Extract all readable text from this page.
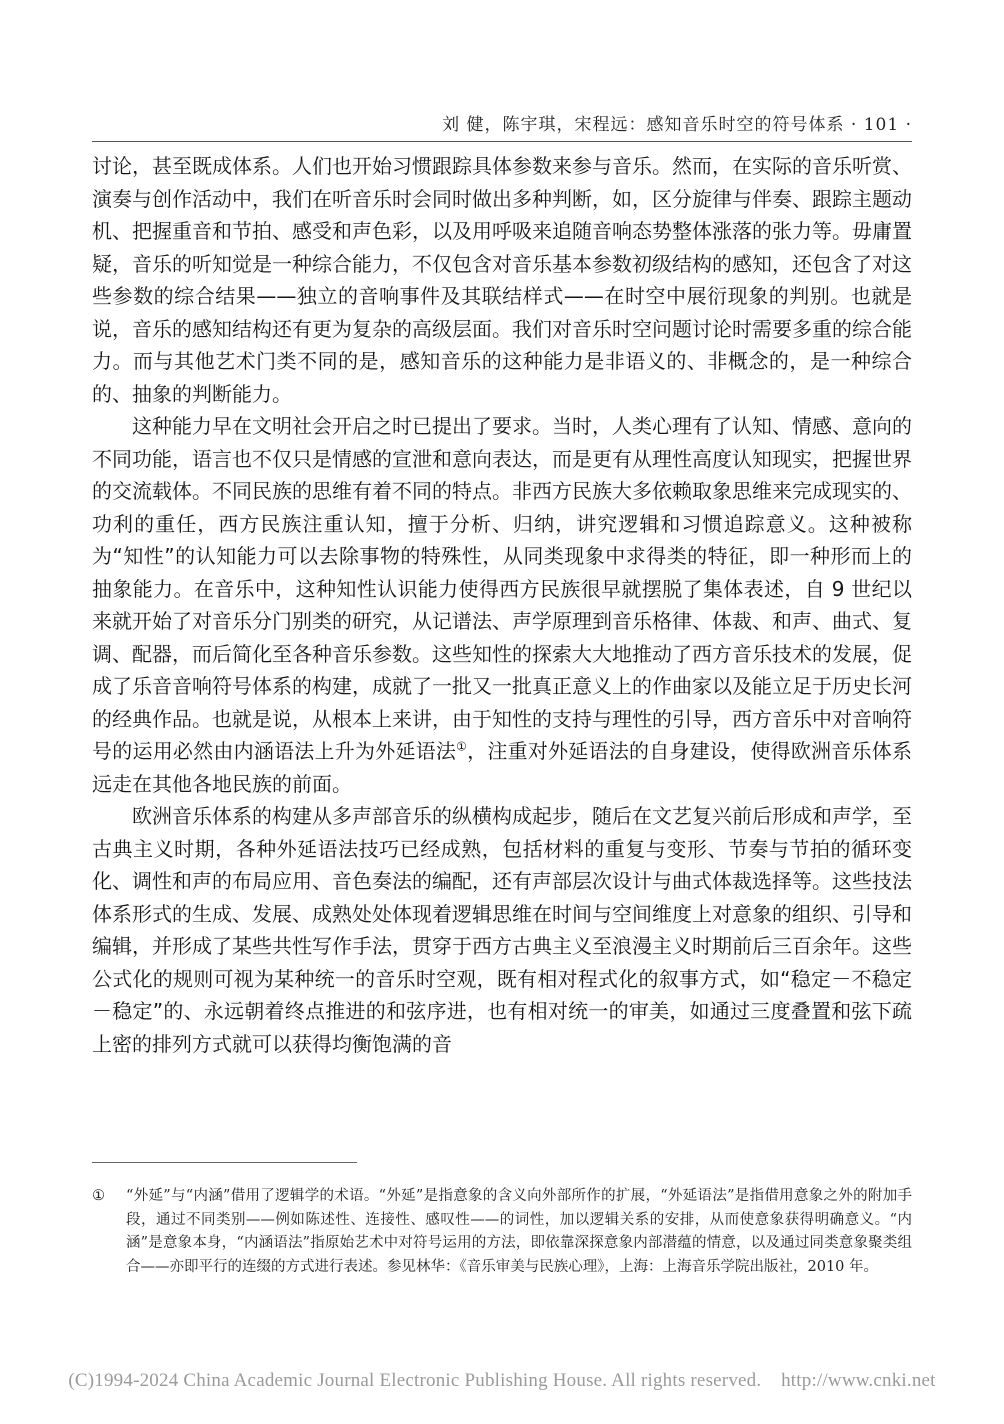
刘 健，陈宇琪，宋程远：感知音乐时空的符号体系 · 101 ·

讨论，甚至既成体系。人们也开始习惯跟踪具体参数来参与音乐。然而，在实际的音乐听赏、演奏与创作活动中，我们在听音乐时会同时做出多种判断，如，区分旋律与伴奏、跟踪主题动机、把握重音和节拍、感受和声色彩，以及用呼吸来追随音响态势整体涨落的张力等。毋庸置疑，音乐的听知觉是一种综合能力，不仅包含对音乐基本参数初级结构的感知，还包含了对这些参数的综合结果——独立的音响事件及其联结样式——在时空中展衍现象的判别。也就是说，音乐的感知结构还有更为复杂的高级层面。我们对音乐时空问题讨论时需要多重的综合能力。而与其他艺术门类不同的是，感知音乐的这种能力是非语义的、非概念的，是一种综合的、抽象的判断能力。

这种能力早在文明社会开启之时已提出了要求。当时，人类心理有了认知、情感、意向的不同功能，语言也不仅只是情感的宣泄和意向表达，而是更有从理性高度认知现实，把握世界的交流载体。不同民族的思维有着不同的特点。非西方民族大多依赖取象思维来完成现实的、功利的重任，西方民族注重认知，擅于分析、归纳，讲究逻辑和习惯追踪意义。这种被称为“知性”的认知能力可以去除事物的特殊性，从同类现象中求得类的特征，即一种形而上的抽象能力。在音乐中，这种知性认识能力使得西方民族很早就摆脱了集体表述，自 9 世纪以来就开始了对音乐分门别类的研究，从记谱法、声学原理到音乐格律、体裁、和声、曲式、复调、配器，而后简化至各种音乐参数。这些知性的探索大大地推动了西方音乐技术的发展，促成了乐音音响符号体系的构建，成就了一批又一批真正意义上的作曲家以及能立足于历史长河的经典作品。也就是说，从根本上来讲，由于知性的支持与理性的引导，西方音乐中对音响符号的运用必然由内涵语法上升为外延语法①，注重对外延语法的自身建设，使得欧洲音乐体系远走在其他各地民族的前面。

欧洲音乐体系的构建从多声部音乐的纵横构成起步，随后在文艺复兴前后形成和声学，至古典主义时期，各种外延语法技巧已经成熟，包括材料的重复与变形、节奏与节拍的循环变化、调性和声的布局应用、音色奏法的编配，还有声部层次设计与曲式体裁选择等。这些技法体系形式的生成、发展、成熟处处体现着逻辑思维在时间与空间维度上对意象的组织、引导和编辑，并形成了某些共性写作手法，贯穿于西方古典主义至浪漫主义时期前后三百余年。这些公式化的规则可视为某种统一的音乐时空观，既有相对程式化的叙事方式，如“稳定－不稳定－稳定”的、永远朝着终点推进的和弦序进，也有相对统一的审美，如通过三度叠置和弦下疏上密的排列方式就可以获得均衡饱满的音

① “外延”与“内涵”借用了逻辑学的术语。“外延”是指意象的含义向外部所作的扩展，“外延语法”是指借用意象之外的附加手段，通过不同类别——例如陈述性、连接性、感叹性——的词性，加以逻辑关系的安排，从而使意象获得明确意义。“内涵”是意象本身，“内涵语法”指原始艺术中对符号运用的方法，即依靠深探意象内部潜蕴的情意，以及通过同类意象聚类组合——亦即平行的连缀的方式进行表述。参见林华：《音乐审美与民族心理》，上海：上海音乐学院出版社，2010 年。
(C)1994-2024 China Academic Journal Electronic Publishing House. All rights reserved.    http://www.cnki.net
